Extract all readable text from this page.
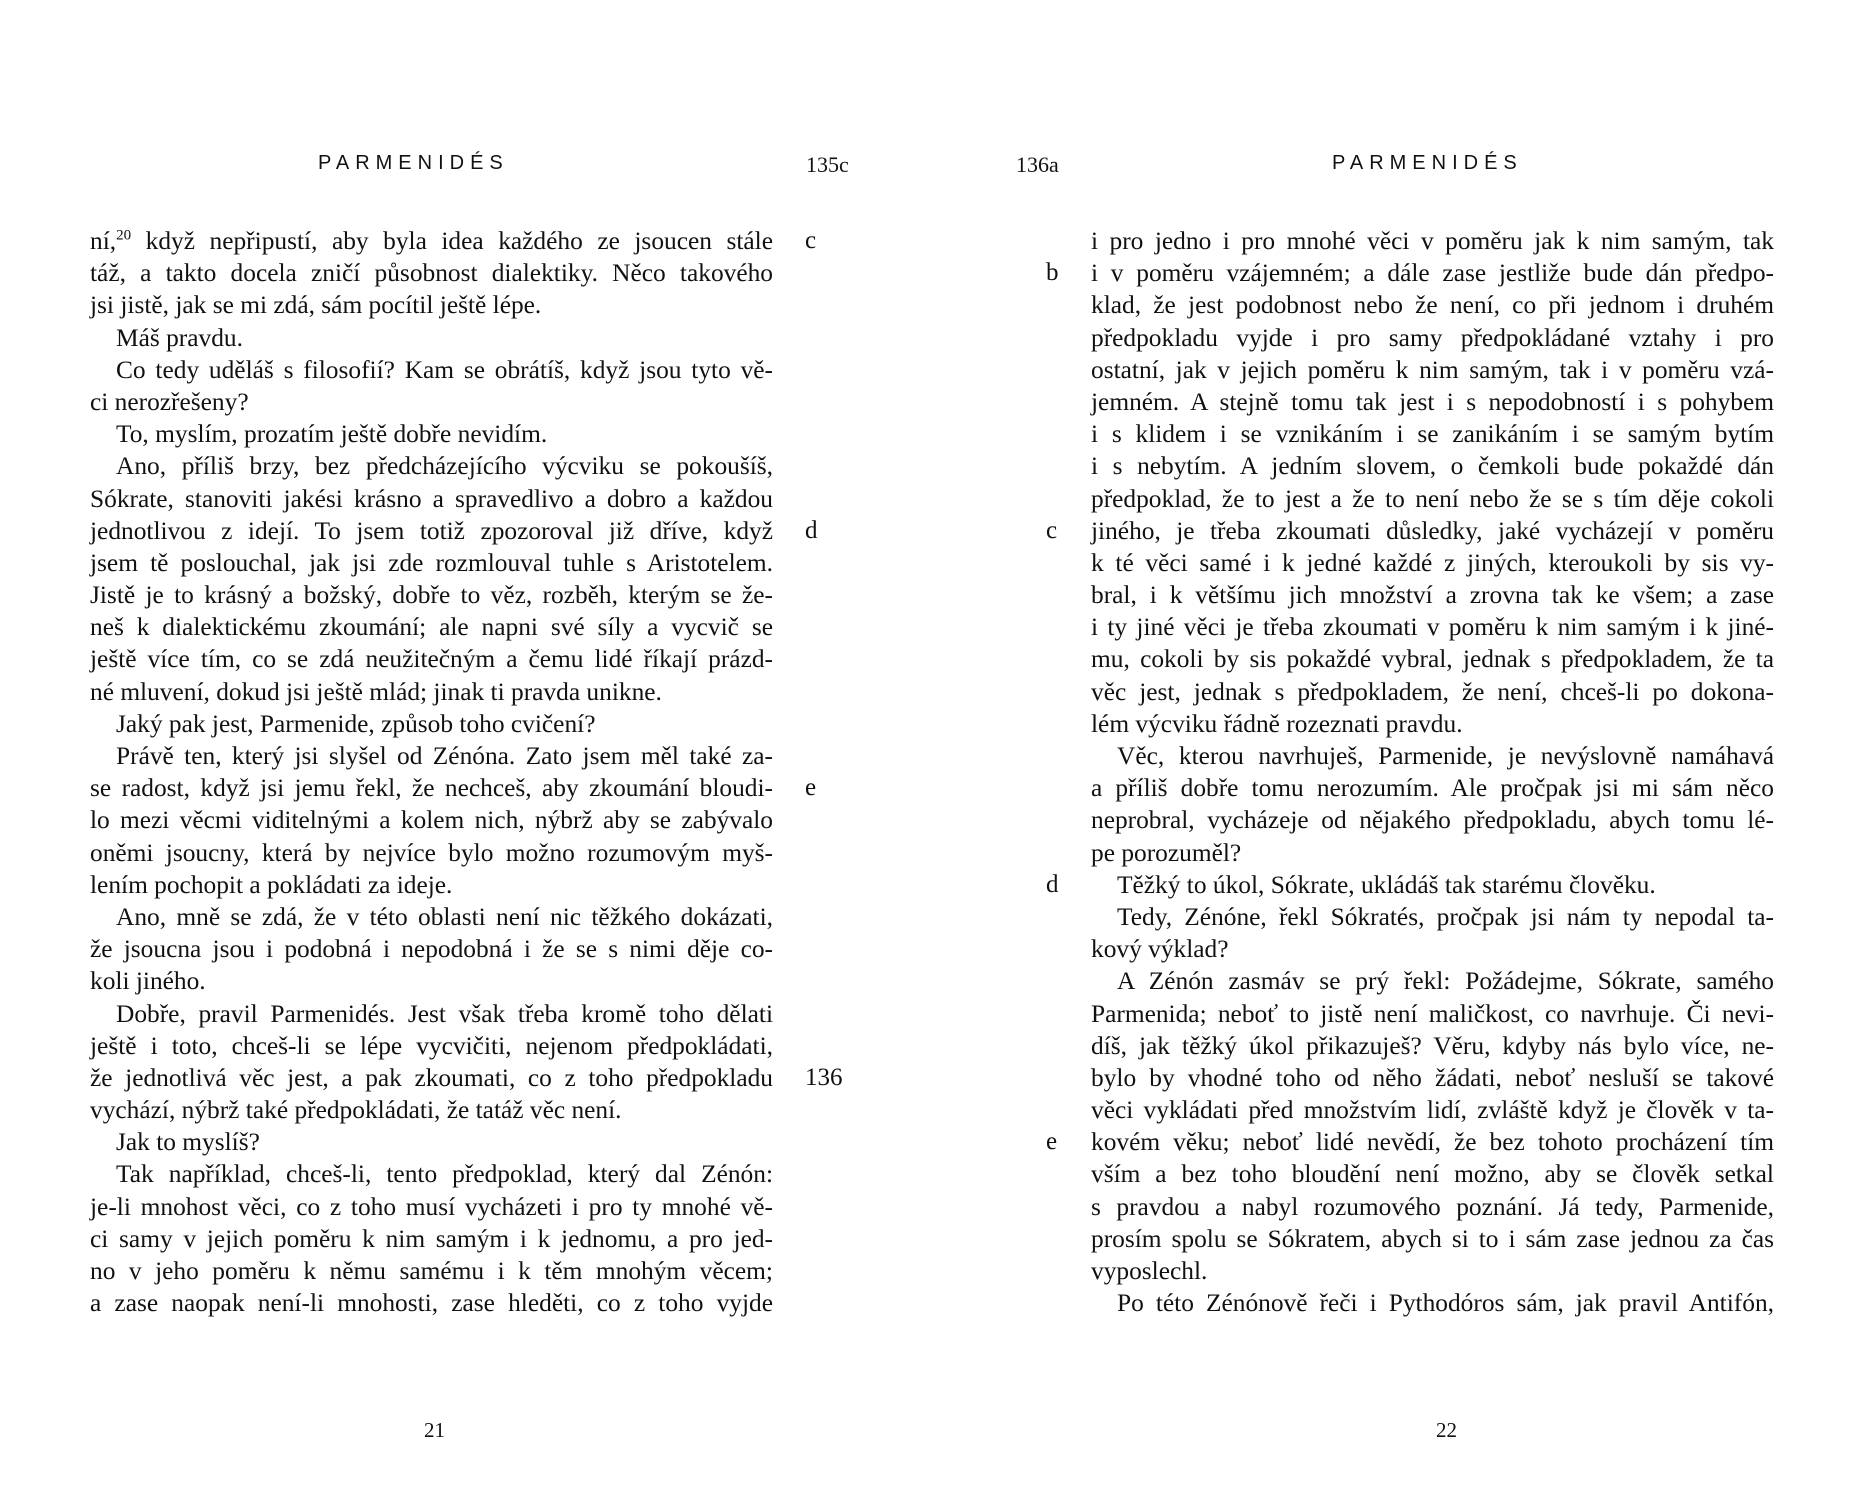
PARMENIDÉS	135c
ní,$^{20}$ když nepřipustí, aby byla idea každého ze jsoucen stále
táž, a takto docela zničí působnost dialektiky. Něco takového
jsi jistě, jak se mi zdá, sám pocítil ještě lépe.
Máš pravdu.
Co tedy uděláš s filosofií? Kam se obrátíš, když jsou tyto vě-
ci nerozřešeny?
To, myslím, prozatím ještě dobře nevidím.
Ano, příliš brzy, bez předcházejícího výcviku se pokoušíš,
Sókrate, stanoviti jakési krásno a spravedlivo a dobro a každou
jednotlivou z idejí. To jsem totiž zpozoroval již dříve, když
jsem tě poslouchal, jak jsi zde rozmlouval tuhle s Aristotelem.
Jistě je to krásný a božský, dobře to věz, rozběh, kterým se že-
neš k dialektickému zkoumání; ale napni své síly a vycvič se
ještě více tím, co se zdá neužitečným a čemu lidé říkají prázd-
né mluvení, dokud jsi ještě mlád; jinak ti pravda unikne.
Jaký pak jest, Parmenide, způsob toho cvičení?
Právě ten, který jsi slyšel od Zénóna. Zato jsem měl také za-
se radost, když jsi jemu řekl, že nechceš, aby zkoumání bloudi-
lo mezi věcmi viditelnými a kolem nich, nýbrž aby se zabývalo
oněmi jsoucny, která by nejvíce bylo možno rozumovým myš-
lením pochopit a pokládati za ideje.
Ano, mně se zdá, že v této oblasti není nic těžkého dokázati,
že jsoucna jsou i podobná i nepodobná i že se s nimi děje co-
koli jiného.
Dobře, pravil Parmenidés. Jest však třeba kromě toho dělati
ještě i toto, chceš-li se lépe vycvičiti, nejenom předpokládati,
že jednotlivá věc jest, a pak zkoumati, co z toho předpokladu
vychází, nýbrž také předpokládati, že tatáž věc není.
Jak to myslíš?
Tak například, chceš-li, tento předpoklad, který dal Zénón:
je-li mnohost věci, co z toho musí vycházeti i pro ty mnohé vě-
ci samy v jejich poměru k nim samým i k jednomu, a pro jed-
no v jeho poměru k němu samému i k těm mnohým věcem;
a zase naopak není-li mnohosti, zase hleděti, co z toho vyjde
c
d
e
136
21
136a	PARMENIDÉS
b
c
d
e
i pro jedno i pro mnohé věci v poměru jak k nim samým, tak
i v poměru vzájemném; a dále zase jestliže bude dán předpo-
klad, že jest podobnost nebo že není, co při jednom i druhém
předpokladu vyjde i pro samy předpokládané vztahy i pro
ostatní, jak v jejich poměru k nim samým, tak i v poměru vzá-
jemném. A stejně tomu tak jest i s nepodobností i s pohybem
i s klidem i se vznikáním i se zanikáním i se samým bytím
i s nebytím. A jedním slovem, o čemkoli bude pokaždé dán
předpoklad, že to jest a že to není nebo že se s tím děje cokoli
jiného, je třeba zkoumati důsledky, jaké vycházejí v poměru
k té věci samé i k jedné každé z jiných, kteroukoli by sis vy-
bral, i k většímu jich množství a zrovna tak ke všem; a zase
i ty jiné věci je třeba zkoumati v poměru k nim samým i k jiné-
mu, cokoli by sis pokaždé vybral, jednak s předpokladem, že ta
věc jest, jednak s předpokladem, že není, chceš-li po dokona-
lém výcviku řádně rozeznati pravdu.
Věc, kterou navrhuješ, Parmenide, je nevýslovně namáhavá
a příliš dobře tomu nerozumím. Ale pročpak jsi mi sám něco
neprobral, vycházeje od nějakého předpokladu, abych tomu lé-
pe porozuměl?
Těžký to úkol, Sókrate, ukládáš tak starému člověku.
Tedy, Zénóne, řekl Sókratés, pročpak jsi nám ty nepodal ta-
kový výklad?
A Zénón zasmáv se prý řekl: Požádejme, Sókrate, samého
Parmenida; neboť to jistě není maličkost, co navrhuje. Či nevi-
díš, jak těžký úkol přikazuješ? Věru, kdyby nás bylo více, ne-
bylo by vhodné toho od něho žádati, neboť nesluší se takové
věci vykládati před množstvím lidí, zvláště když je člověk v ta-
kovém věku; neboť lidé nevědí, že bez tohoto procházení tím
vším a bez toho bloudění není možno, aby se člověk setkal
s pravdou a nabyl rozumového poznání. Já tedy, Parmenide,
prosím spolu se Sókratem, abych si to i sám zase jednou za čas
vyposlechl.
Po této Zénónově řeči i Pythodóros sám, jak pravil Antifón,
22
